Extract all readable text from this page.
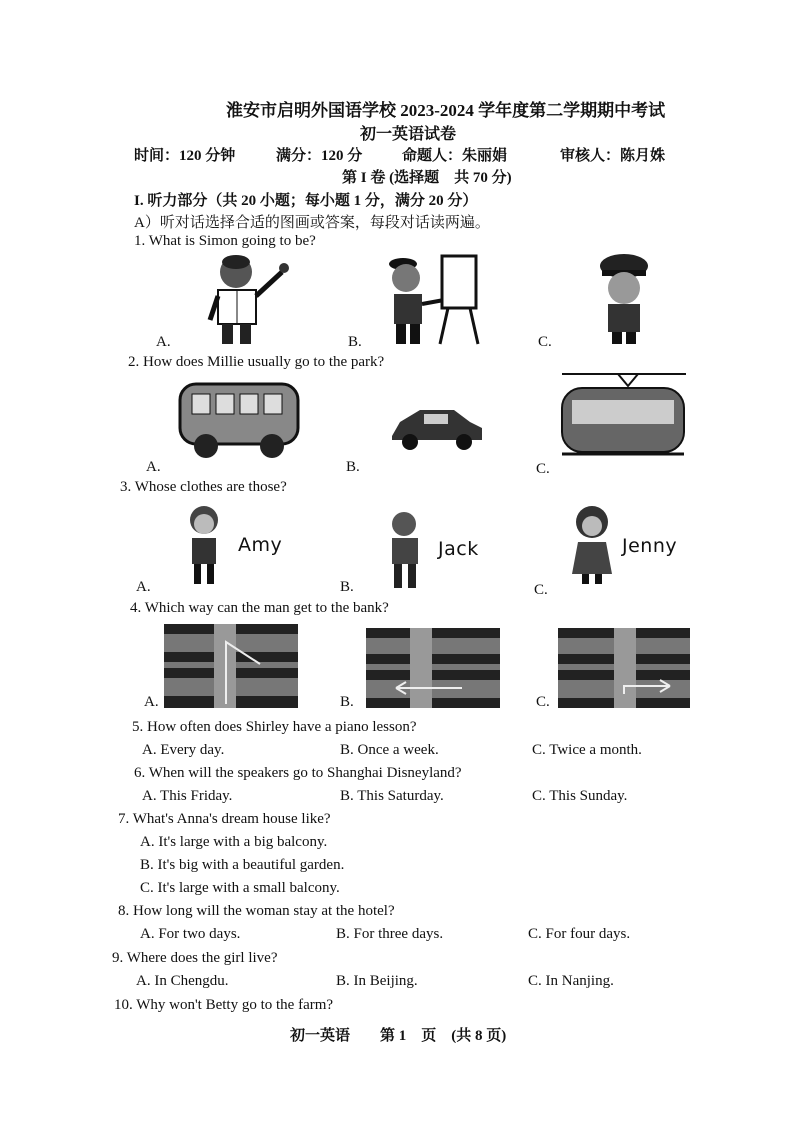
淮安市启明外国语学校 2023-2024 学年度第二学期期中考试
初一英语试卷
时间：120 分钟	满分：120 分	命题人：朱丽娟	审核人：陈月姝
第 I 卷 (选择题　共 70 分)
I. 听力部分（共 20 小题；每小题 1 分，满分 20 分）
A）听对话选择合适的图画或答案，每段对话读两遍。
1. What is Simon going to be?
A.	B.	C.
2. How does Millie usually go to the park?
A.	B.	C.
3. Whose clothes are those?
Amy	Jack	Jenny
A.	B.	C.
4. Which way can the man get to the bank?
A.	B.	C.
5. How often does Shirley have a piano lesson?
A. Every day.	B. Once a week.	C. Twice a month.
6. When will the speakers go to Shanghai Disneyland?
A. This Friday.	B. This Saturday.	C. This Sunday.
7. What's Anna's dream house like?
A. It's large with a big balcony.
B. It's big with a beautiful garden.
C. It's large with a small balcony.
8. How long will the woman stay at the hotel?
A. For two days.	B. For three days.	C. For four days.
9. Where does the girl live?
A. In Chengdu.	B. In Beijing.	C. In Nanjing.
10. Why won't Betty go to the farm?
初一英语　　第 1　页　(共 8 页)
